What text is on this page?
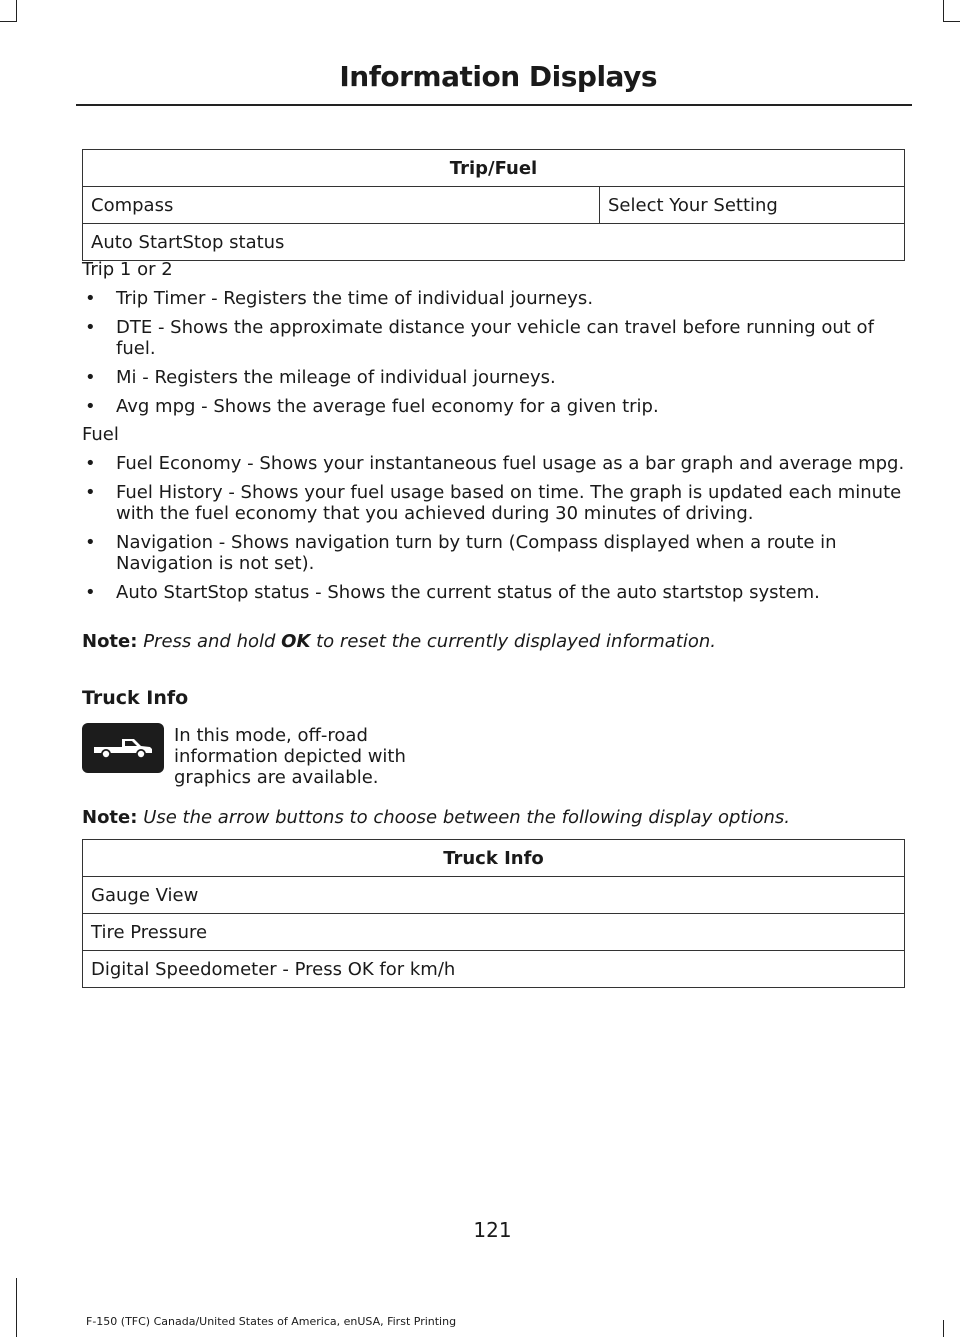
Information Displays
Trip/Fuel
Compass	Select Your Setting
Auto StartStop status

Trip 1 or 2

• Trip Timer - Registers the time of individual journeys.

• DTE - Shows the approximate distance your vehicle can travel before running out of fuel.

• Mi - Registers the mileage of individual journeys.

• Avg mpg - Shows the average fuel economy for a given trip.

Fuel

• Fuel Economy - Shows your instantaneous fuel usage as a bar graph and average mpg.

• Fuel History - Shows your fuel usage based on time. The graph is updated each minute with the fuel economy that you achieved during 30 minutes of driving.

• Navigation - Shows navigation turn by turn (Compass displayed when a route in Navigation is not set).

• Auto StartStop status - Shows the current status of the auto startstop system.

Note: Press and hold OK to reset the currently displayed information.
Truck Info
In this mode, off-road information depicted with graphics are available.
Note: Use the arrow buttons to choose between the following display options.
Truck Info
Gauge View
Tire Pressure
Digital Speedometer - Press OK for km/h
121
F-150 (TFC) Canada/United States of America, enUSA, First Printing
